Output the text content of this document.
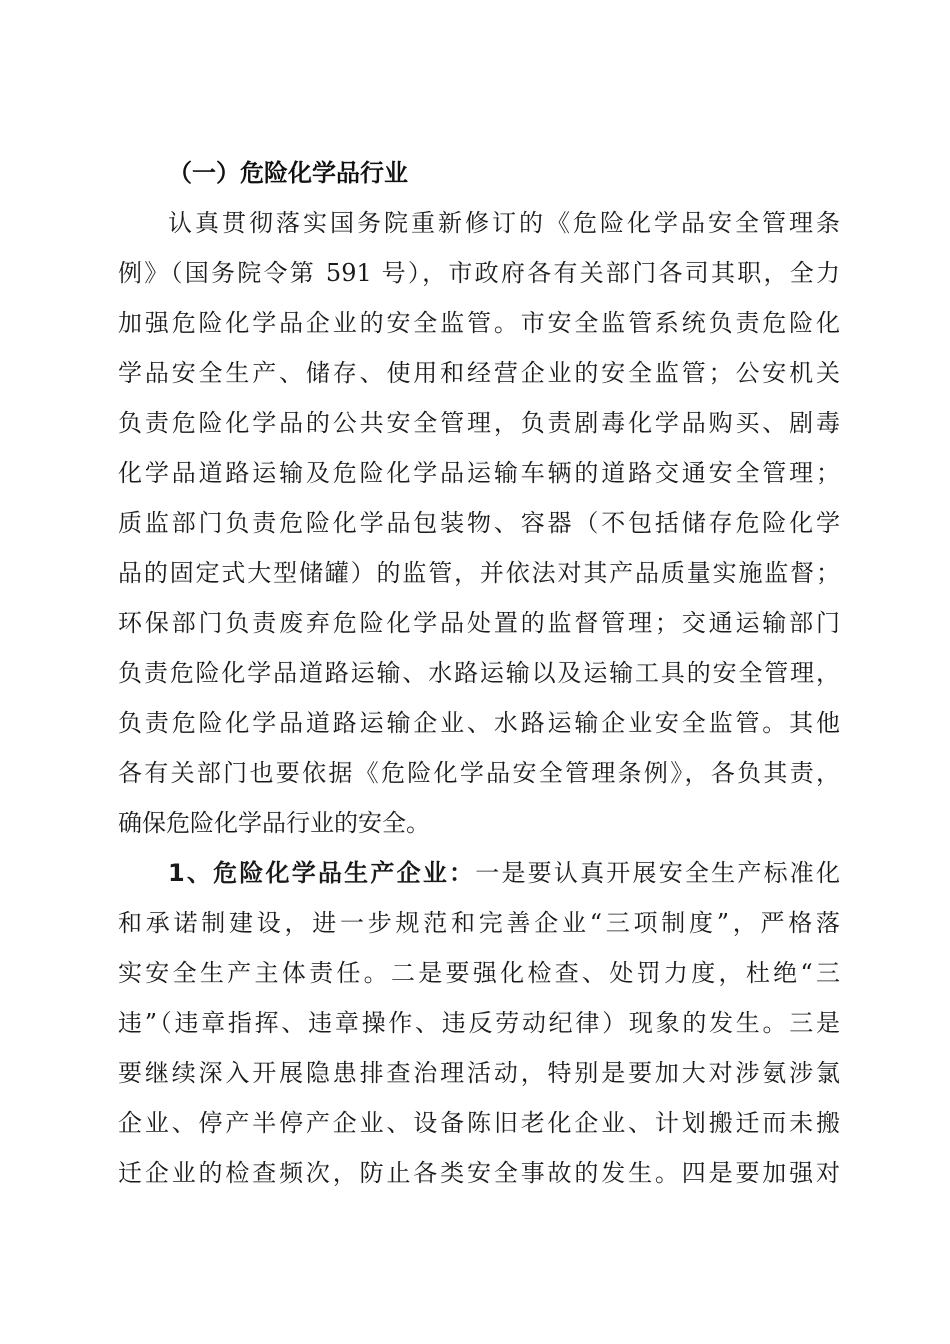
（一）危险化学品行业
认真贯彻落实国务院重新修订的《危险化学品安全管理条
例》（国务院令第 591 号），市政府各有关部门各司其职，全力
加强危险化学品企业的安全监管。市安全监管系统负责危险化
学品安全生产、储存、使用和经营企业的安全监管；公安机关
负责危险化学品的公共安全管理，负责剧毒化学品购买、剧毒
化学品道路运输及危险化学品运输车辆的道路交通安全管理；
质监部门负责危险化学品包装物、容器（不包括储存危险化学
品的固定式大型储罐）的监管，并依法对其产品质量实施监督；
环保部门负责废弃危险化学品处置的监督管理；交通运输部门
负责危险化学品道路运输、水路运输以及运输工具的安全管理，
负责危险化学品道路运输企业、水路运输企业安全监管。其他
各有关部门也要依据《危险化学品安全管理条例》，各负其责，
确保危险化学品行业的安全。
1、危险化学品生产企业：一是要认真开展安全生产标准化
和承诺制建设，进一步规范和完善企业“三项制度”，严格落
实安全生产主体责任。二是要强化检查、处罚力度，杜绝“三
违”（违章指挥、违章操作、违反劳动纪律）现象的发生。三是
要继续深入开展隐患排查治理活动，特别是要加大对涉氨涉氯
企业、停产半停产企业、设备陈旧老化企业、计划搬迁而未搬
迁企业的检查频次，防止各类安全事故的发生。四是要加强对
